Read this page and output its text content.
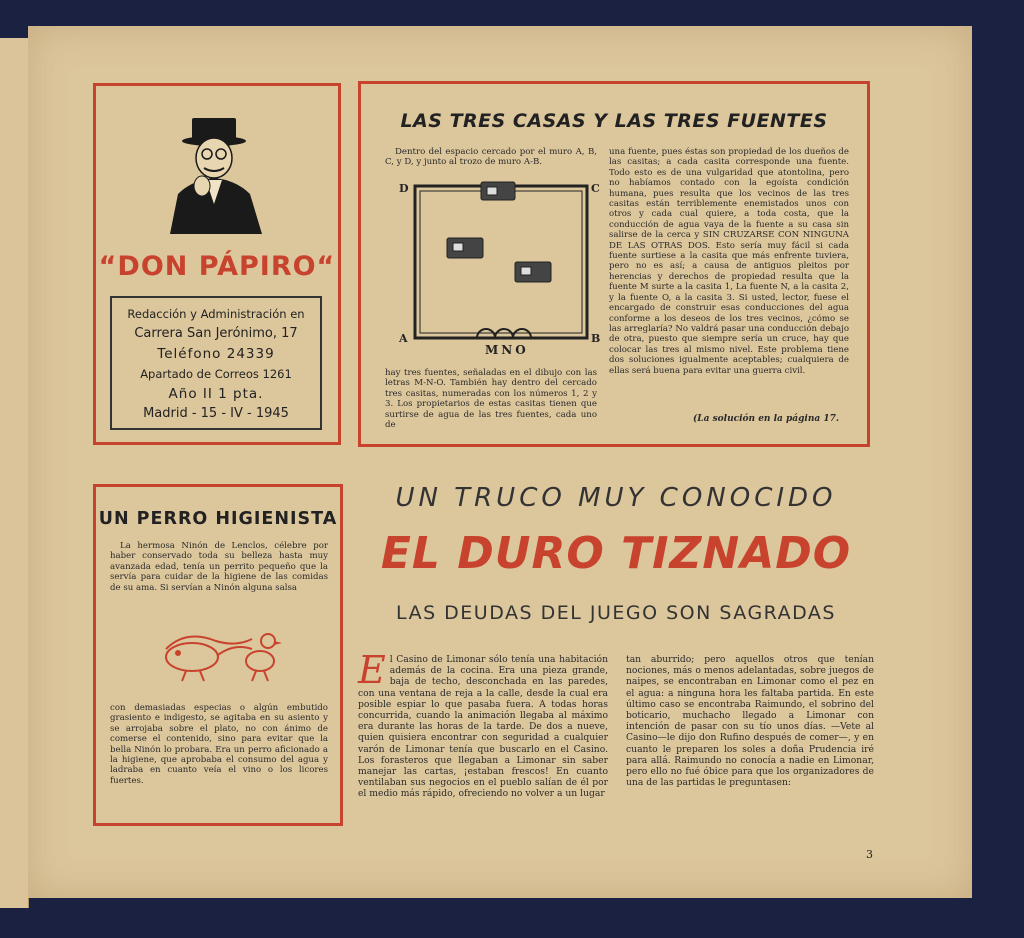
“DON PÁPIRO“
Redacción y Administración en
Carrera San Jerónimo, 17
Teléfono 24339
Apartado de Correos 1261
Año II 1 pta.
Madrid - 15 - IV - 1945
LAS TRES CASAS Y LAS TRES FUENTES

Dentro del espacio cercado por el muro A, B, C, y D, y junto al trozo de muro A-B.

D	C
A	B
MNO

hay tres fuentes, señaladas en el dibujo con las letras M-N-O. También hay dentro del cercado tres casitas, numeradas con los números 1, 2 y 3. Los propietarios de estas casitas tienen que surtirse de agua de las tres fuentes, cada uno de

una fuente, pues éstas son propiedad de los dueños de las casitas; a cada casita corresponde una fuente. Todo esto es de una vulgaridad que atontolina, pero no habíamos contado con la egoísta condición humana, pues resulta que los vecinos de las tres casitas están terriblemente enemistados unos con otros y cada cual quiere, a toda costa, que la conducción de agua vaya de la fuente a su casa sin salirse de la cerca y SIN CRUZARSE CON NINGUNA DE LAS OTRAS DOS. Esto sería muy fácil si cada fuente surtiese a la casita que más enfrente tuviera, pero no es así; a causa de antiguos pleitos por herencias y derechos de propiedad resulta que la fuente M surte a la casita 1, La fuente N, a la casita 2, y la fuente O, a la casita 3. Si usted, lector, fuese el encargado de construir esas conducciones del agua conforme a los deseos de los tres vecinos, ¿cómo se las arreglaría? No valdrá pasar una conducción debajo de otra, puesto que siempre sería un cruce, hay que colocar las tres al mismo nivel. Este problema tiene dos soluciones igualmente aceptables; cualquiera de ellas será buena para evitar una guerra civil.

(La solución en la página 17.
UN PERRO HIGIENISTA

La hermosa Ninón de Lenclos, célebre por haber conservado toda su belleza hasta muy avanzada edad, tenía un perrito pequeño que la servía para cuidar de la higiene de las comidas de su ama. Si servían a Ninón alguna salsa

con demasiadas especias o algún embutido grasiento e indigesto, se agitaba en su asiento y se arrojaba sobre el plato, no con ánimo de comerse el contenido, sino para evitar que la bella Ninón lo probara. Era un perro aficionado a la higiene, que aprobaba el consumo del agua y ladraba en cuanto veía el vino o los licores fuertes.

UN TRUCO MUY CONOCIDO
EL DURO TIZNADO
LAS DEUDAS DEL JUEGO SON SAGRADAS
E l Casino de Limonar sólo tenía una habitación además de la cocina. Era una pieza grande, baja de techo, desconchada en las paredes, con una ventana de reja a la calle, desde la cual era posible espiar lo que pasaba fuera. A todas horas concurrida, cuando la animación llegaba al máximo era durante las horas de la tarde. De dos a nueve, quien quisiera encontrar con seguridad a cualquier varón de Limonar tenía que buscarlo en el Casino. Los forasteros que llegaban a Limonar sin saber manejar las cartas, ¡estaban frescos! En cuanto ventilaban sus negocios en el pueblo salían de él por el medio más rápido, ofreciendo no volver a un lugar

tan aburrido; pero aquellos otros que tenían nociones, más o menos adelantadas, sobre juegos de naipes, se encontraban en Limonar como el pez en el agua: a ninguna hora les faltaba partida. En este último caso se encontraba Raimundo, el sobrino del boticario, muchacho llegado a Limonar con intención de pasar con su tío unos días. —Vete al Casino—le dijo don Rufino después de comer—, y en cuanto le preparen los soles a doña Prudencia iré para allá. Raimundo no conocía a nadie en Limonar, pero ello no fué óbice para que los organizadores de una de las partidas le preguntasen:

3
